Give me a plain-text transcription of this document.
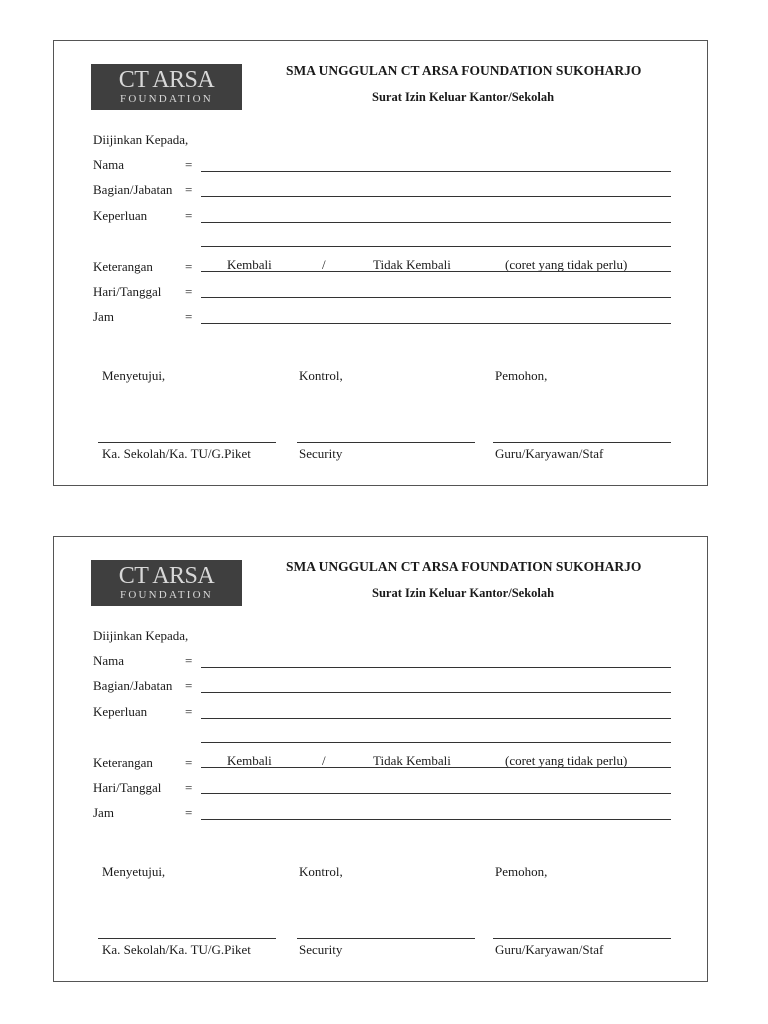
CT ARSA
FOUNDATION
SMA UNGGULAN CT ARSA FOUNDATION SUKOHARJO
Surat Izin Keluar Kantor/Sekolah
Diijinkan Kepada,
Nama	=
Bagian/Jabatan =
Keperluan	=
Keterangan =	Kembali	/	Tidak Kembali	(coret yang tidak perlu)
Hari/Tanggal =
Jam	=
Menyetujui,	Kontrol,	Pemohon,
Ka. Sekolah/Ka. TU/G.Piket	Security	Guru/Karyawan/Staf
CT ARSA
FOUNDATION
SMA UNGGULAN CT ARSA FOUNDATION SUKOHARJO
Surat Izin Keluar Kantor/Sekolah
Diijinkan Kepada,
Nama	=
Bagian/Jabatan =
Keperluan	=
Keterangan =	Kembali	/	Tidak Kembali	(coret yang tidak perlu)
Hari/Tanggal =
Jam	=
Menyetujui,	Kontrol,	Pemohon,
Ka. Sekolah/Ka. TU/G.Piket	Security	Guru/Karyawan/Staf
